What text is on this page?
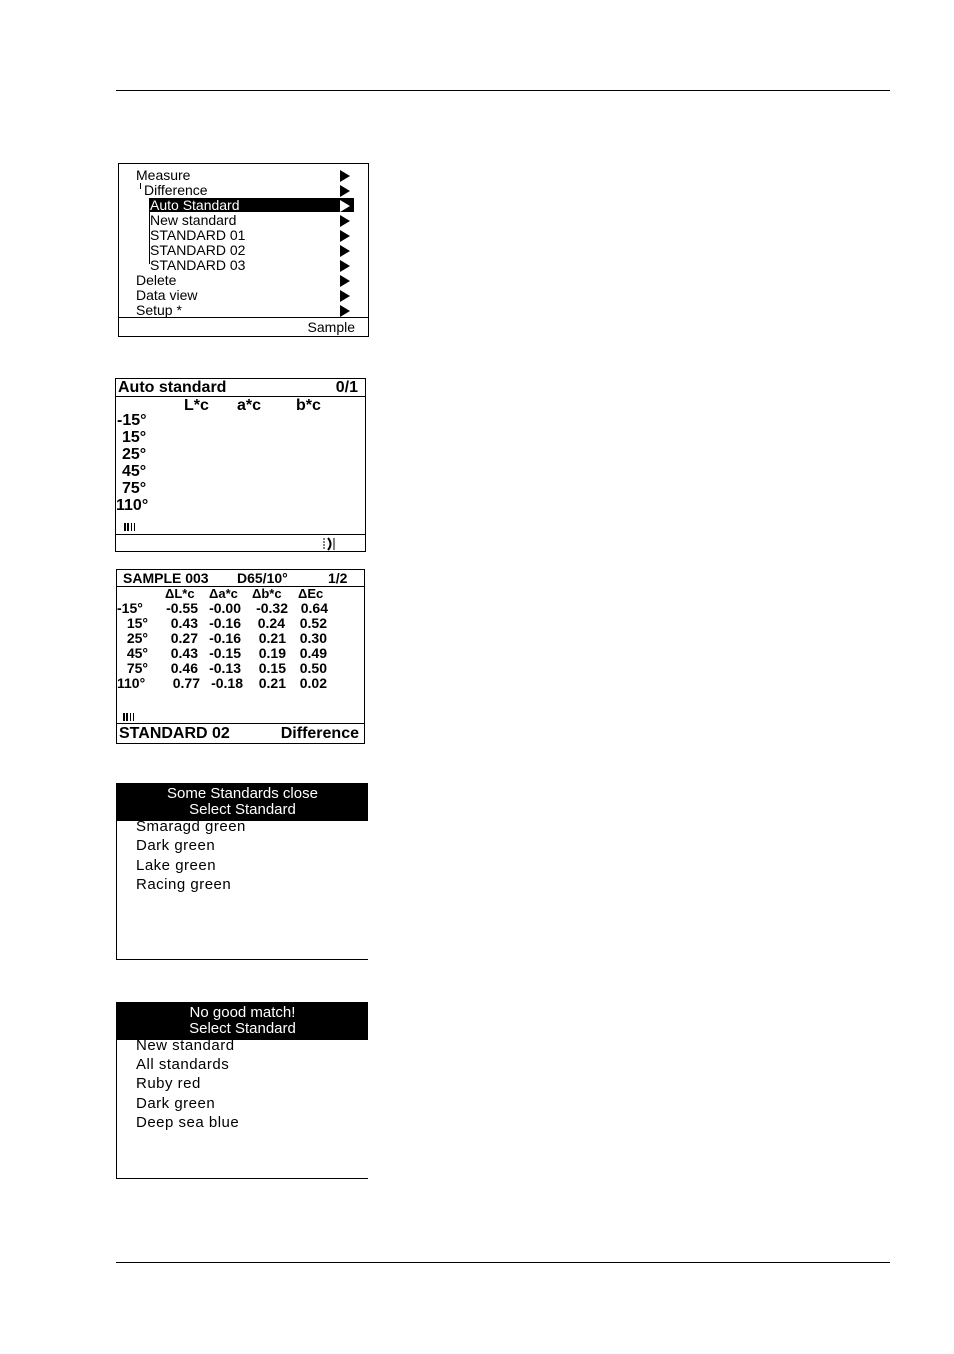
Measure
Difference
Auto Standard
New standard
STANDARD 01
STANDARD 02
STANDARD 03
Delete
Data view
Setup *
Sample
Auto standard	0/1
L*c a*c b*c
-15°
15°
25°
45°
75°
110°
SAMPLE 003 D65/10°	1/2
ΔL*c Δa*c Δb*c ΔEc
-15°	-0.55 -0.00	-0.32 0.64
15°	0.43 -0.16	0.24	0.52
25°	0.27 -0.16	0.21 0.30
45°	0.43 -0.15	0.19 0.49
75°	0.46 -0.13	0.15 0.50
110°	0.77 -0.18	0.21 0.02
STANDARD 02	Difference
Some Standards close
Select Standard
Smaragd green
Dark green
Lake green
Racing green
No good match!
Select Standard
New standard
All standards
Ruby red
Dark green
Deep sea blue
